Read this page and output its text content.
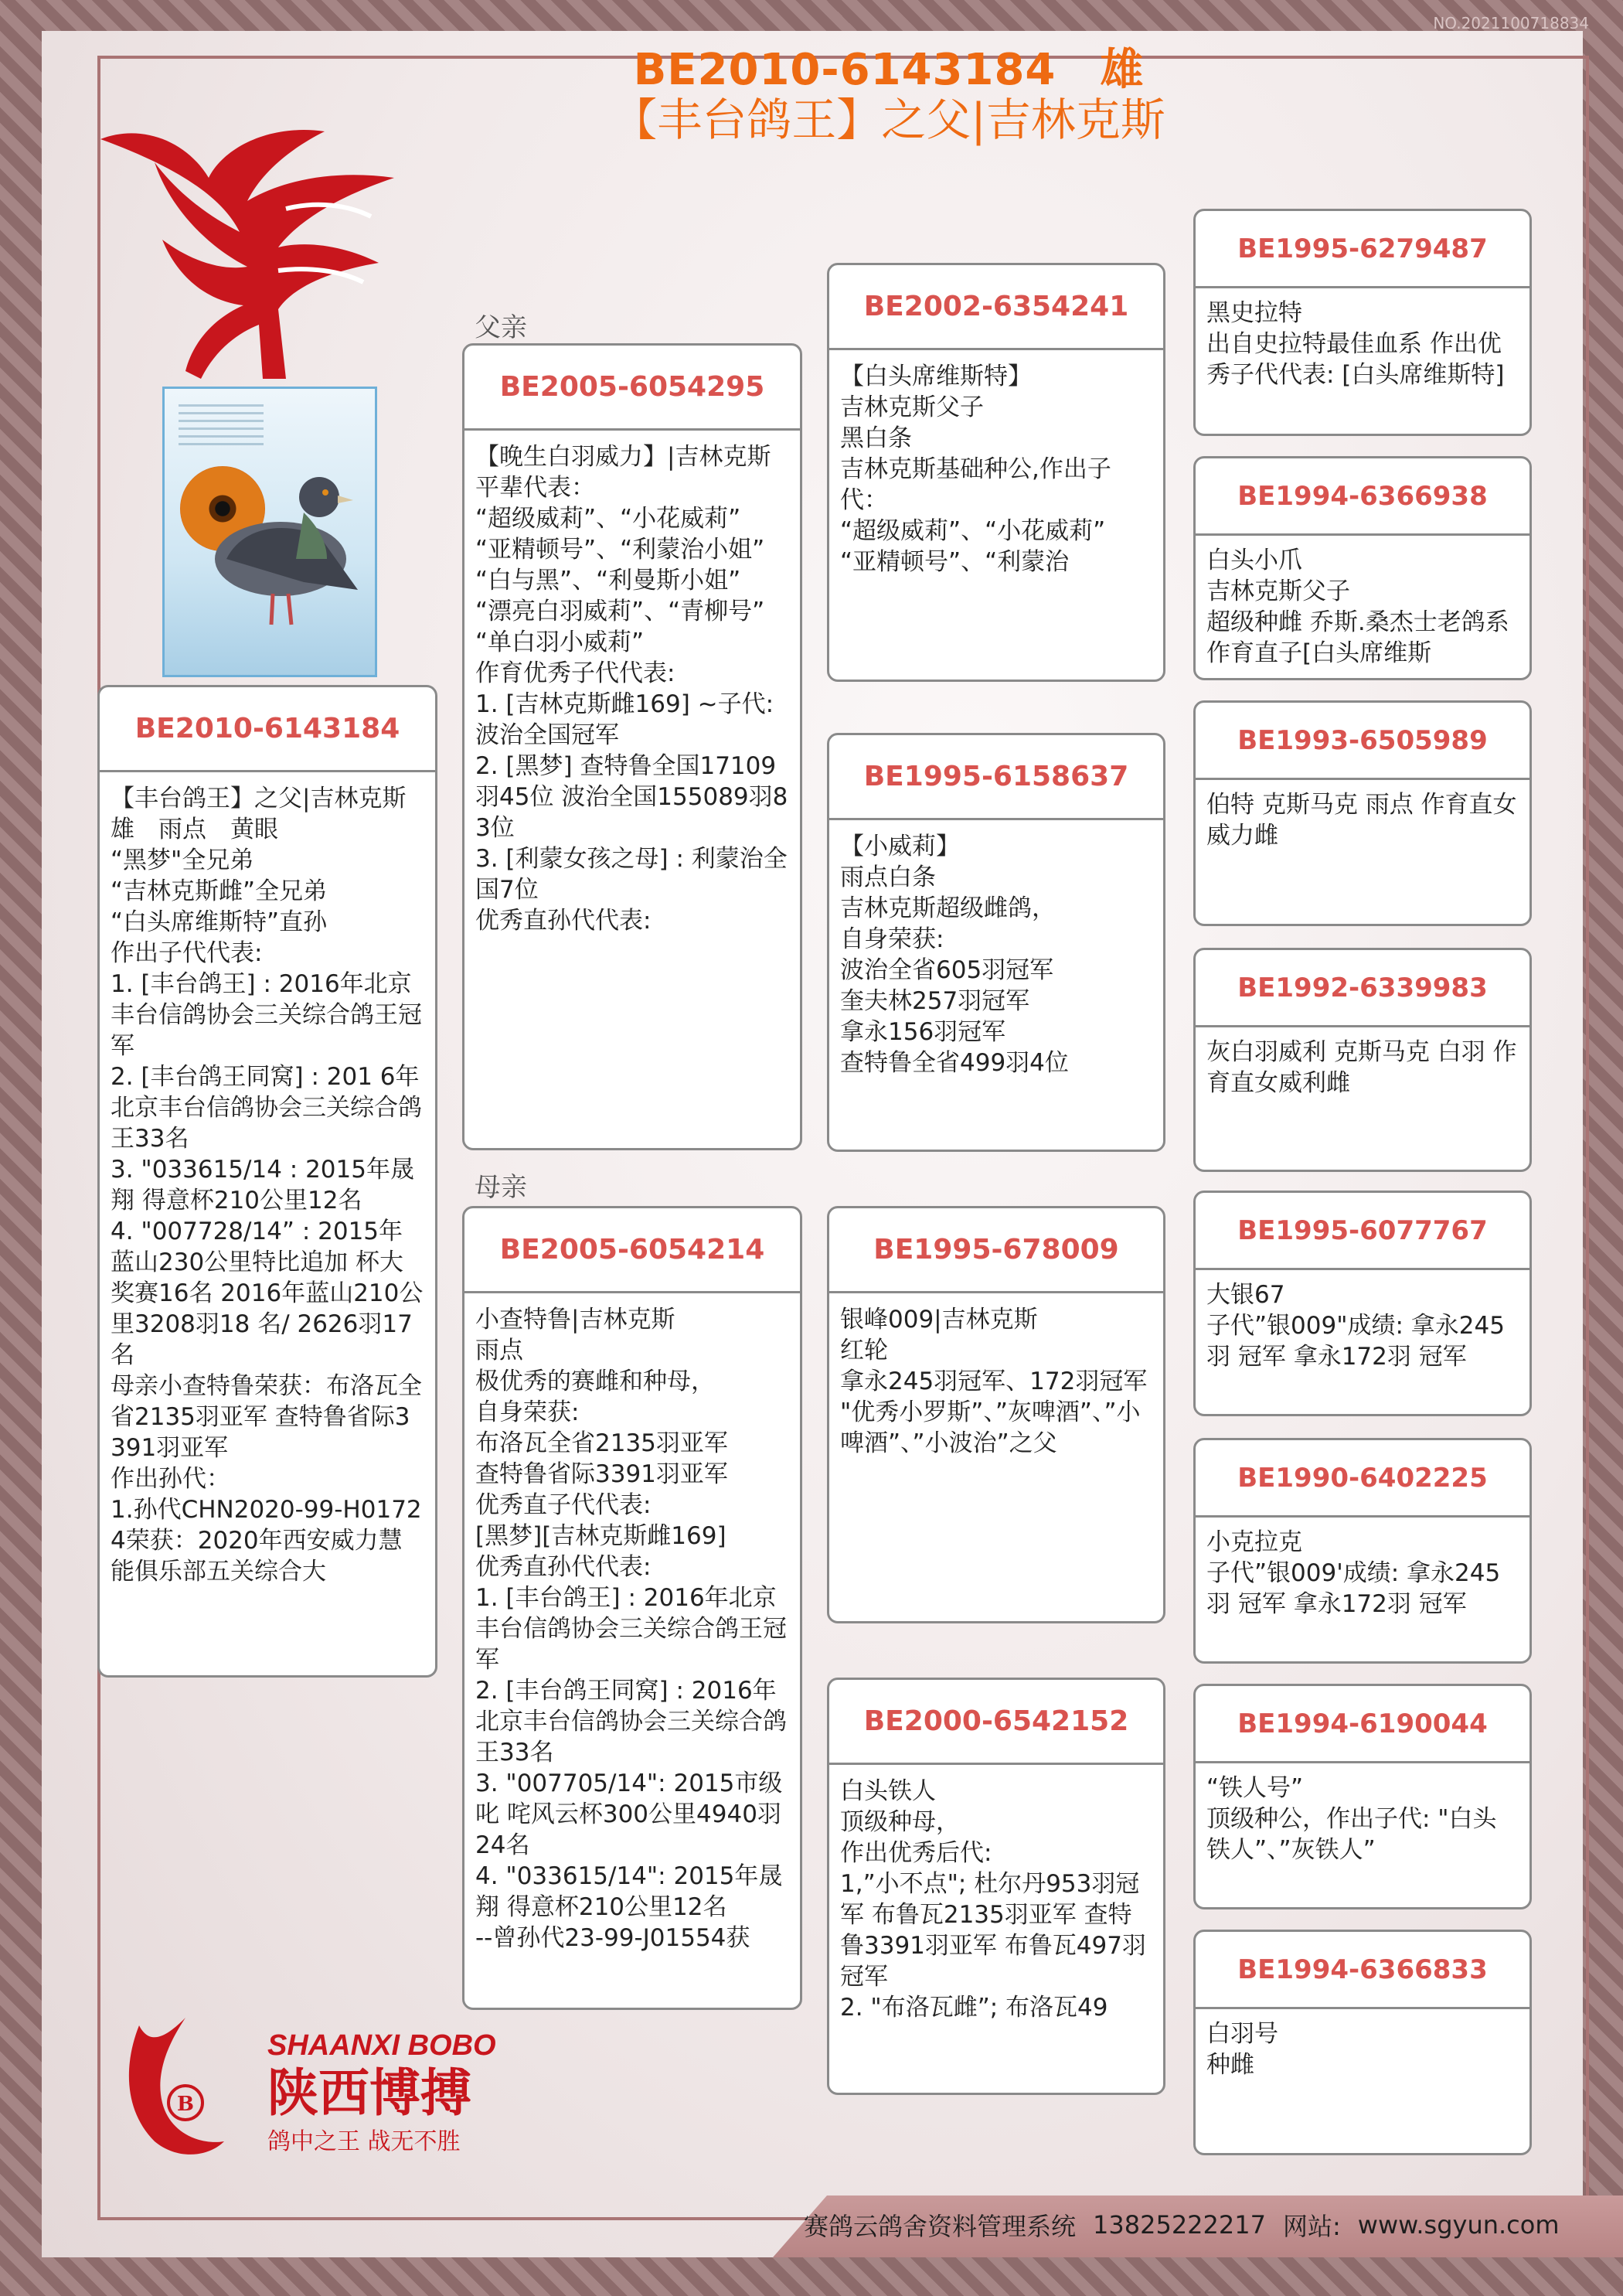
NO.2021100718834
BE2010-6143184　雄
【丰台鸽王】之父|吉林克斯
父亲
母亲
BE2010-6143184
【丰台鸽王】之父|吉林克斯
雄　雨点　黄眼
“黑梦"全兄弟
“吉林克斯雌”全兄弟
“白头席维斯特”直孙
作出子代代表:
1. [丰台鸽王] : 2016年北京丰台信鸽协会三关综合鸽王冠军
2. [丰台鸽王同窝] : 201 6年北京丰台信鸽协会三关综合鸽王33名
3. "033615/14 : 2015年晟翔 得意杯210公里12名
4. "007728/14” : 2015年蓝山230公里特比追加 杯大奖赛16名 2016年蓝山210公里3208羽18 名/ 2626羽17名
母亲小查特鲁荣获：布洛瓦全省2135羽亚军 查特鲁省际3391羽亚军
作出孙代：
1.孙代CHN2020-99-H01724荣获：2020年西安威力慧能俱乐部五关综合大
BE2005-6054295
【晚生白羽威力】|吉林克斯
平辈代表：
“超级威莉”、“小花威莉”
“亚精顿号”、“利蒙治小姐”
“白与黑”、“利曼斯小姐”
“漂亮白羽威莉”、“青柳号”
“单白羽小威莉”
作育优秀子代代表:
1. [吉林克斯雌169] ~子代: 波治全国冠军
2. [黑梦] 查特鲁全国17109羽45位 波治全国155089羽83位
3. [利蒙女孩之母] : 利蒙治全国7位
优秀直孙代代表:
BE2005-6054214
小查特鲁|吉林克斯
雨点
极优秀的赛雌和种母，
自身荣获:
布洛瓦全省2135羽亚军
查特鲁省际3391羽亚军
优秀直子代代表:
[黑梦][吉林克斯雌169]
优秀直孙代代表:
1. [丰台鸽王] : 2016年北京丰台信鸽协会三关综合鸽王冠军
2. [丰台鸽王同窝] : 2016年北京丰台信鸽协会三关综合鸽王33名
3. "007705/14": 2015市级叱 咤风云杯300公里4940羽24名
4. "033615/14": 2015年晟翔 得意杯210公里12名
--曾孙代23-99-J01554获
BE2002-6354241
【白头席维斯特】
吉林克斯父子
黑白条
吉林克斯基础种公,作出子代：
“超级威莉”、“小花威莉”
“亚精顿号”、“利蒙治
BE1995-6158637
【小威莉】
雨点白条
吉林克斯超级雌鸽，
自身荣获:
波治全省605羽冠军
奎夫林257羽冠军
拿永156羽冠军
查特鲁全省499羽4位
BE1995-678009
银峰009|吉林克斯
红轮
拿永245羽冠军、172羽冠军 "优秀小罗斯”、”灰啤酒”、”小啤酒”、”小波治”之父
BE2000-6542152
白头铁人
顶级种母，
作出优秀后代:
1,”小不点"; 杜尔丹953羽冠军 布鲁瓦2135羽亚军 查特鲁3391羽亚军 布鲁瓦497羽冠军
2. "布洛瓦雌”; 布洛瓦49
BE1995-6279487
黑史拉特
出自史拉特最佳血系 作出优秀子代代表: [白头席维斯特]
BE1994-6366938
白头小爪
吉林克斯父子
超级种雌 乔斯.桑杰士老鸽系 作育直子[白头席维斯
BE1993-6505989
伯特 克斯马克 雨点 作育直女威力雌
BE1992-6339983
灰白羽威利 克斯马克 白羽 作育直女威利雌
BE1995-6077767
大银67
子代”银009"成绩: 拿永245羽 冠军 拿永172羽 冠军
BE1990-6402225
小克拉克
子代”银009'成绩: 拿永245羽 冠军 拿永172羽 冠军
BE1994-6190044
“铁人号”
顶级种公，作出子代: "白头铁人”、”灰铁人”
BE1994-6366833
白羽号
种雌
B
SHAANXI BOBO
陕西博搏
鸽中之王 战无不胜
赛鸽云鸽舍资料管理系统 13825222217 网站: www.sgyun.com
